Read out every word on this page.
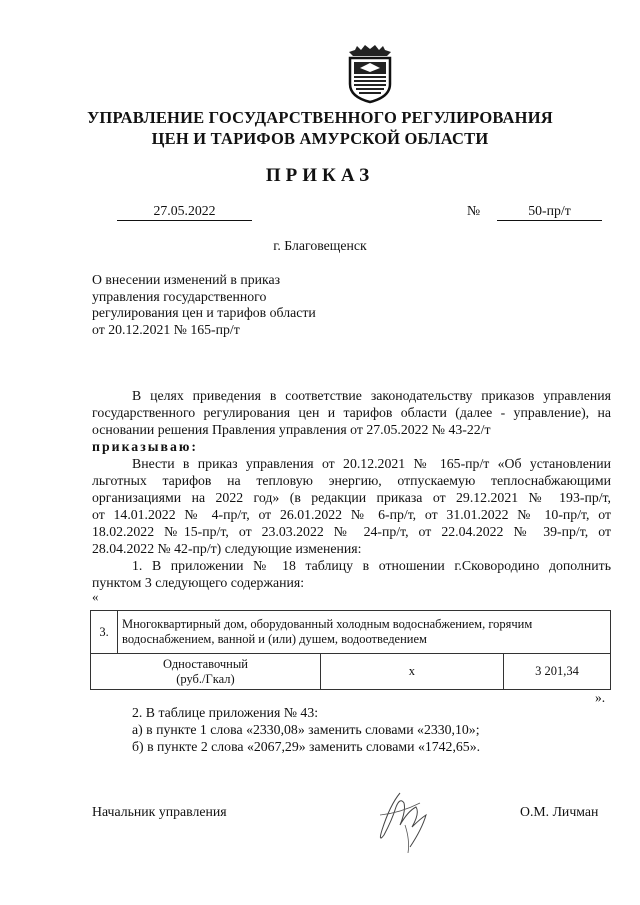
УПРАВЛЕНИЕ ГОСУДАРСТВЕННОГО РЕГУЛИРОВАНИЯ
ЦЕН И ТАРИФОВ АМУРСКОЙ ОБЛАСТИ
ПРИКАЗ
27.05.2022	№	50-пр/т
г. Благовещенск
О внесении изменений в приказ
управления государственного
регулирования цен и тарифов области
от 20.12.2021 № 165-пр/т
В целях приведения в соответствие законодательству приказов управления
государственного регулирования цен и тарифов области (далее - управление), на
основании решения Правления управления от 27.05.2022 № 43-22/т
приказываю:
Внести в приказ управления от 20.12.2021 № 165-пр/т «Об установлении
льготных тарифов на тепловую энергию, отпускаемую теплоснабжающими
организациями на 2022 год» (в редакции приказа от 29.12.2021 № 193-пр/т,
от 14.01.2022 № 4-пр/т, от 26.01.2022 № 6-пр/т, от 31.01.2022 № 10-пр/т, от
18.02.2022 №15-пр/т, от 23.03.2022 № 24-пр/т, от 22.04.2022 № 39-пр/т, от
28.04.2022 № 42-пр/т) следующие изменения:
1. В приложении № 18 таблицу в отношении г.Сковородино дополнить
пунктом 3 следующего содержания:
«
3.	Многоквартирный дом, оборудованный холодным водоснабжением, горячим
водоснабжением, ванной и (или) душем, водоотведением		

Одноставочный
(руб./Гкал)		х	3 201,34
».
2. В таблице приложения № 43:
а) в пункте 1 слова «2330,08» заменить словами «2330,10»;
б) в пункте 2 слова «2067,29» заменить словами «1742,65».
Начальник управления	О.М. Личман
